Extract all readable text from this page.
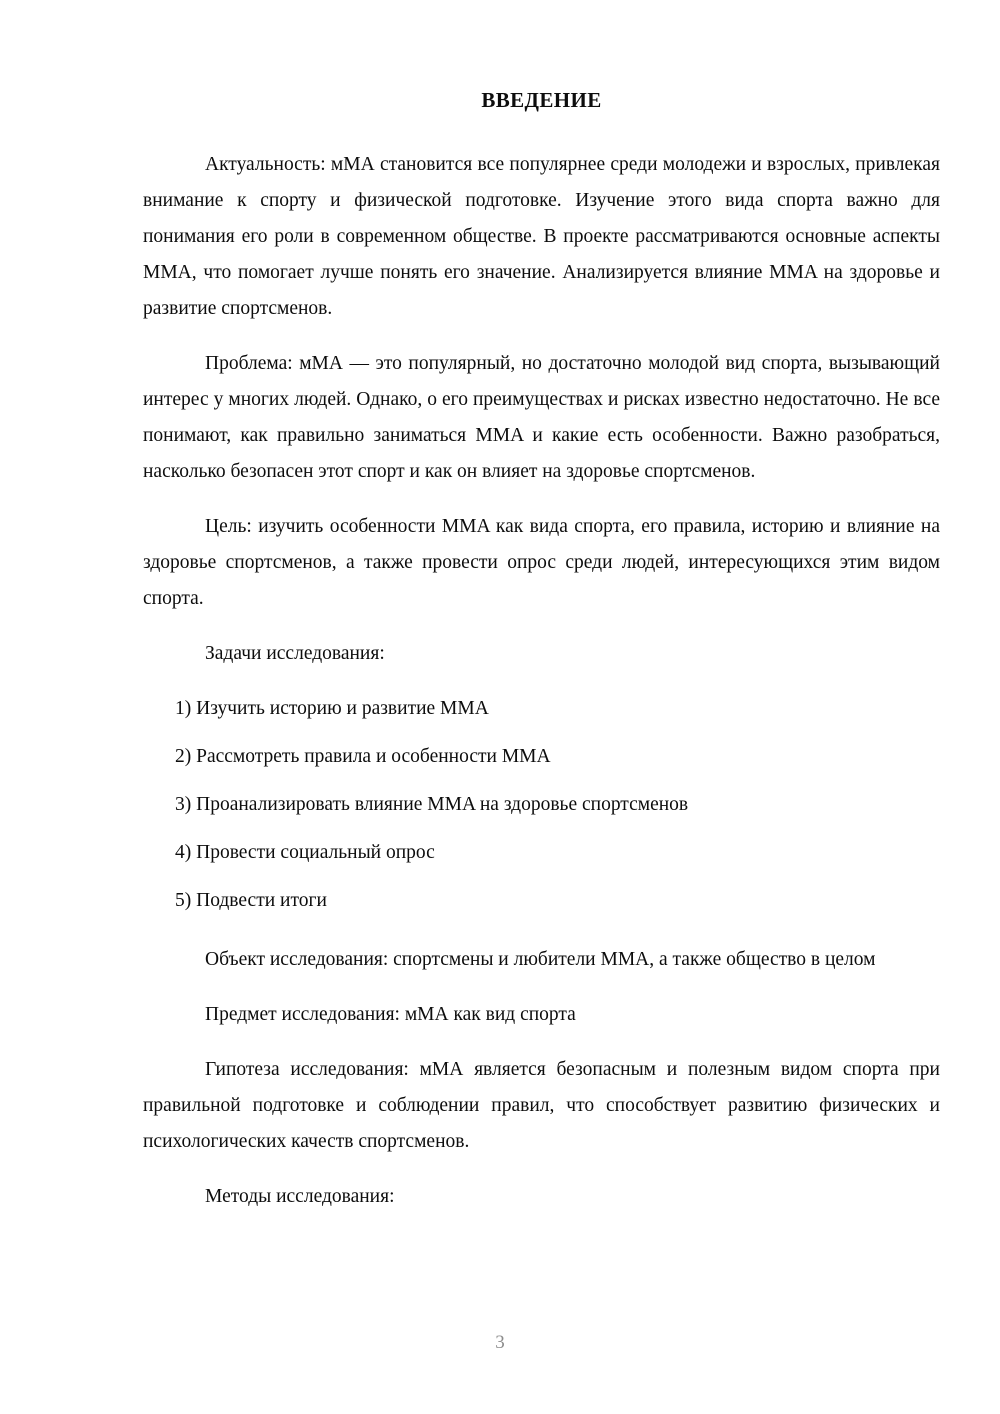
ВВЕДЕНИЕ

Актуальность: мМА становится все популярнее среди молодежи и взрослых, привлекая внимание к спорту и физической подготовке. Изучение этого вида спорта важно для понимания его роли в современном обществе. В проекте рассматриваются основные аспекты MMA, что помогает лучше понять его значение. Анализируется влияние MMA на здоровье и развитие спортсменов.

Проблема: мМА — это популярный, но достаточно молодой вид спорта, вызывающий интерес у многих людей. Однако, о его преимуществах и рисках известно недостаточно. Не все понимают, как правильно заниматься MMA и какие есть особенности. Важно разобраться, насколько безопасен этот спорт и как он влияет на здоровье спортсменов.

Цель: изучить особенности MMA как вида спорта, его правила, историю и влияние на здоровье спортсменов, а также провести опрос среди людей, интересующихся этим видом спорта.

Задачи исследования:

1) Изучить историю и развитие MMA
2) Рассмотреть правила и особенности MMA
3) Проанализировать влияние MMA на здоровье спортсменов
4) Провести социальный опрос
5) Подвести итоги

Объект исследования: спортсмены и любители MMA, а также общество в целом

Предмет исследования: мМА как вид спорта

Гипотеза исследования: мМА является безопасным и полезным видом спорта при правильной подготовке и соблюдении правил, что способствует развитию физических и психологических качеств спортсменов.

Методы исследования:

3
